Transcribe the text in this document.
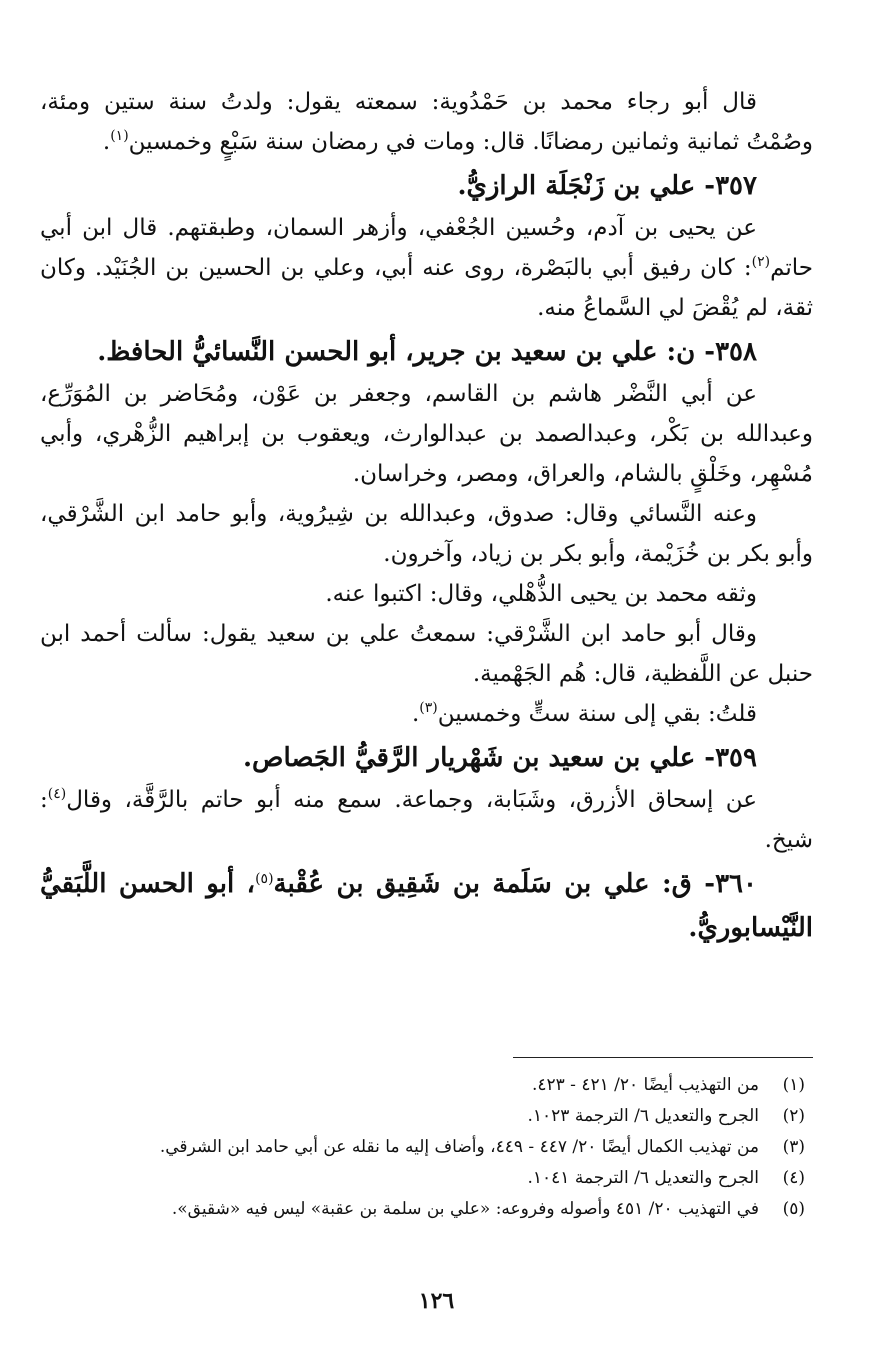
قال أبو رجاء محمد بن حَمْدُوية: سمعته يقول: ولدتُ سنة ستين ومئة، وصُمْتُ ثمانية وثمانين رمضانًا. قال: ومات في رمضان سنة سَبْعٍ وخمسين$^{(١)}$.

٣٥٧- علي بن زَنْجَلَة الرازيُّ.

عن يحيى بن آدم، وحُسين الجُعْفي، وأزهر السمان، وطبقتهم. قال ابن أبي حاتم$^{(٢)}$: كان رفيق أبي بالبَصْرة، روى عنه أبي، وعلي بن الحسين بن الجُنَيْد. وكان ثقة، لم يُقْضَ لي السَّماعُ منه.

٣٥٨- ن: علي بن سعيد بن جرير، أبو الحسن النَّسائيُّ الحافظ.

عن أبي النَّضْر هاشم بن القاسم، وجعفر بن عَوْن، ومُحَاضر بن المُوَرِّع، وعبدالله بن بَكْر، وعبدالصمد بن عبدالوارث، ويعقوب بن إبراهيم الزُّهْري، وأبي مُسْهِر، وخَلْقٍ بالشام، والعراق، ومصر، وخراسان.

وعنه النَّسائي وقال: صدوق، وعبدالله بن شِيرُوية، وأبو حامد ابن الشَّرْقي، وأبو بكر بن خُزَيْمة، وأبو بكر بن زياد، وآخرون.

وثقه محمد بن يحيى الذُّهْلي، وقال: اكتبوا عنه.

وقال أبو حامد ابن الشَّرْقي: سمعتُ علي بن سعيد يقول: سألت أحمد ابن حنبل عن اللَّفظية، قال: هُم الجَهْمية.

قلتُ: بقي إلى سنة ستٍّ وخمسين$^{(٣)}$.

٣٥٩- علي بن سعيد بن شَهْريار الرَّقيُّ الجَصاص.

عن إسحاق الأزرق، وشَبَابة، وجماعة. سمع منه أبو حاتم بالرَّقَّة، وقال$^{(٤)}$: شيخ.

٣٦٠- ق: علي بن سَلَمة بن شَقِيق بن عُقْبة$^{(٥)}$، أبو الحسن اللَّبَقيُّ النَّيْسابوريُّ.

(١)
من التهذيب أيضًا ٢٠/ ٤٢١ - ٤٢٣.
(٢)
الجرح والتعديل ٦/ الترجمة ١٠٢٣.
(٣)
من تهذيب الكمال أيضًا ٢٠/ ٤٤٧ - ٤٤٩، وأضاف إليه ما نقله عن أبي حامد ابن الشرقي.
(٤)
الجرح والتعديل ٦/ الترجمة ١٠٤١.
(٥)
في التهذيب ٢٠/ ٤٥١ وأصوله وفروعه: «علي بن سلمة بن عقبة» ليس فيه «شقيق».
١٢٦
